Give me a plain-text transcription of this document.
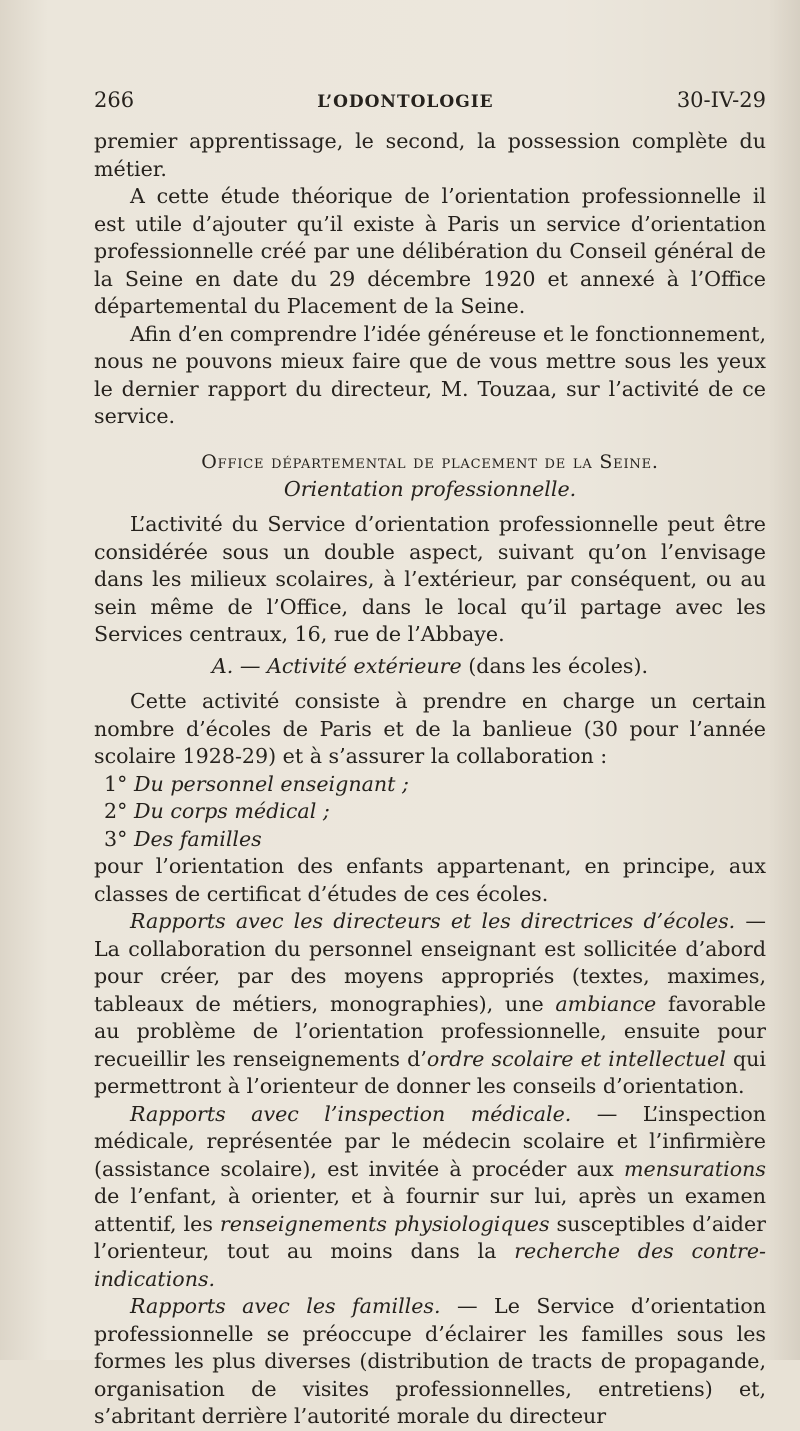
266	L’ODONTOLOGIE	30-IV-29

premier apprentissage, le second, la possession complète du métier.

A cette étude théorique de l’orientation professionnelle il est utile d’ajouter qu’il existe à Paris un service d’orientation professionnelle créé par une délibération du Conseil général de la Seine en date du 29 décembre 1920 et annexé à l’Office départemental du Placement de la Seine.

Afin d’en comprendre l’idée généreuse et le fonctionnement, nous ne pouvons mieux faire que de vous mettre sous les yeux le dernier rapport du directeur, M. Touzaa, sur l’activité de ce service.

Office départemental de placement de la Seine.
Orientation professionnelle.

L’activité du Service d’orientation professionnelle peut être considérée sous un double aspect, suivant qu’on l’envisage dans les milieux scolaires, à l’extérieur, par conséquent, ou au sein même de l’Office, dans le local qu’il partage avec les Services centraux, 16, rue de l’Abbaye.

A. — Activité extérieure (dans les écoles).

Cette activité consiste à prendre en charge un certain nombre d’écoles de Paris et de la banlieue (30 pour l’année scolaire 1928-29) et à s’assurer la collaboration :

1° Du personnel enseignant ;
2° Du corps médical ;
3° Des familles

pour l’orientation des enfants appartenant, en principe, aux classes de certificat d’études de ces écoles.

Rapports avec les directeurs et les directrices d’écoles. — La collaboration du personnel enseignant est sollicitée d’abord pour créer, par des moyens appropriés (textes, maximes, tableaux de métiers, monographies), une ambiance favorable au problème de l’orientation professionnelle, ensuite pour recueillir les renseignements d’ordre scolaire et intellectuel qui permettront à l’orienteur de donner les conseils d’orientation.

Rapports avec l’inspection médicale. — L’inspection médicale, représentée par le médecin scolaire et l’infirmière (assistance scolaire), est invitée à procéder aux mensurations de l’enfant, à orienter, et à fournir sur lui, après un examen attentif, les renseignements physiologiques susceptibles d’aider l’orienteur, tout au moins dans la recherche des contre-indications.

Rapports avec les familles. — Le Service d’orientation professionnelle se préoccupe d’éclairer les familles sous les formes les plus diverses (distribution de tracts de propagande, organisation de visites professionnelles, entretiens) et, s’abritant derrière l’autorité morale du directeur
